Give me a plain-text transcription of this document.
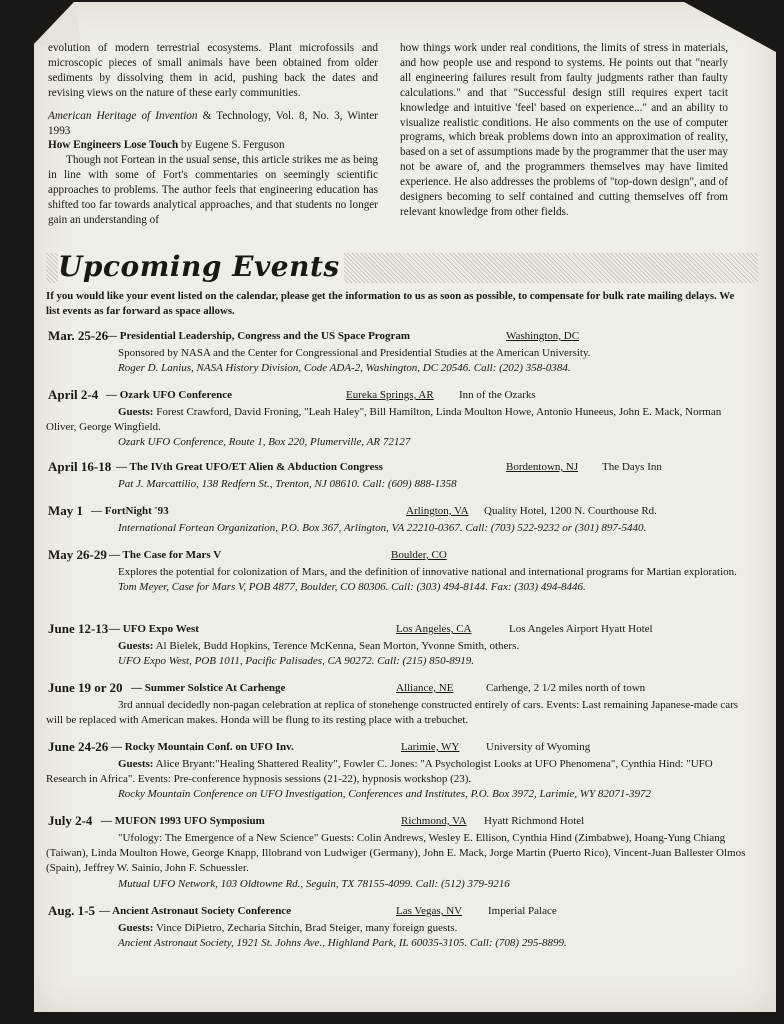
evolution of modern terrestrial ecosystems. Plant microfossils and microscopic pieces of small animals have been obtained from older sediments by dissolving them in acid, pushing back the dates and revising views on the nature of these early communities.

American Heritage of Invention & Technology, Vol. 8, No. 3, Winter 1993

How Engineers Lose Touch by Eugene S. Ferguson

Though not Fortean in the usual sense, this article strikes me as being in line with some of Fort's commentaries on seemingly scientific approaches to problems. The author feels that engineering education has shifted too far towards analytical approaches, and that students no longer gain an understanding of

how things work under real conditions, the limits of stress in materials, and how people use and respond to systems. He points out that "nearly all engineering failures result from faulty judgments rather than faulty calculations." and that "Successful design still requires expert tacit knowledge and intuitive 'feel' based on experience..." and an ability to visualize realistic conditions. He also comments on the use of computer programs, which break problems down into an approximation of reality, based on a set of assumptions made by the programmer that the user may not be aware of, and the programmers themselves may have limited experience. He also addresses the problems of "top-down design", and of designers becoming to self contained and cutting themselves off from relevant knowledge from other fields.

Upcoming Events
If you would like your event listed on the calendar, please get the information to us as soon as possible, to compensate for bulk rate mailing delays. We list events as far forward as space allows.
Mar. 25-26
— Presidential Leadership, Congress and the US Space Program	Washington, DC
Sponsored by NASA and the Center for Congressional and Presidential Studies at the American University.
Roger D. Lanius, NASA History Division, Code ADA-2, Washington, DC 20546. Call: (202) 358-0384.
April 2-4 — Ozark UFO Conference	Eureka Springs, AR Inn of the Ozarks
Guests: Forest Crawford, David Froning, "Leah Haley", Bill Hamilton, Linda Moulton Howe, Antonio Huneeus, John E. Mack, Norman Oliver, George Wingfield.
Ozark UFO Conference, Route 1, Box 220, Plumerville, AR 72127
April 16-18 — The IVth Great UFO/ET Alien & Abduction Congress	Bordentown, NJ The Days Inn
Pat J. Marcattilio, 138 Redfern St., Trenton, NJ 08610. Call: (609) 888-1358
May 1 — FortNight '93	Arlington, VA Quality Hotel, 1200 N. Courthouse Rd.
International Fortean Organization, P.O. Box 367, Arlington, VA 22210-0367. Call: (703) 522-9232 or (301) 897-5440.
May 26-29 — The Case for Mars V	Boulder, CO
Explores the potential for colonization of Mars, and the definition of innovative national and international programs for Martian exploration.
Tom Meyer, Case for Mars V, POB 4877, Boulder, CO 80306. Call: (303) 494-8144. Fax: (303) 494-8446.
June 12-13 — UFO Expo West	Los Angeles, CA	Los Angeles Airport Hyatt Hotel
Guests: Al Bielek, Budd Hopkins, Terence McKenna, Sean Morton, Yvonne Smith, others.
UFO Expo West, POB 1011, Pacific Palisades, CA 90272. Call: (215) 850-8919.
June 19 or 20 — Summer Solstice At Carhenge	Alliance, NE	Carhenge, 2 1/2 miles north of town
3rd annual decidedly non-pagan celebration at replica of stonehenge constructed entirely of cars. Events: Last remaining Japanese-made cars will be replaced with American makes. Honda will be flung to its resting place with a trebuchet.
June 24-26 — Rocky Mountain Conf. on UFO Inv.	Larimie, WY University of Wyoming
Guests: Alice Bryant:"Healing Shattered Reality", Fowler C. Jones: "A Psychologist Looks at UFO Phenomena", Cynthia Hind: "UFO Research in Africa". Events: Pre-conference hypnosis sessions (21-22), hypnosis workshop (23).
Rocky Mountain Conference on UFO Investigation, Conferences and Institutes, P.O. Box 3972, Larimie, WY 82071-3972
July 2-4 — MUFON 1993 UFO Symposium	Richmond, VA Hyatt Richmond Hotel
"Ufology: The Emergence of a New Science" Guests: Colin Andrews, Wesley E. Ellison, Cynthia Hind (Zimbabwe), Hoang-Yung Chiang (Taiwan), Linda Moulton Howe, George Knapp, Illobrand von Ludwiger (Germany), John E. Mack, Jorge Martin (Puerto Rico), Vincent-Juan Ballester Olmos (Spain), Jeffrey W. Sainio, John F. Schuessler.
Mutual UFO Network, 103 Oldtowne Rd., Seguin, TX 78155-4099. Call: (512) 379-9216
Aug. 1-5 — Ancient Astronaut Society Conference	Las Vegas, NV Imperial Palace
Guests: Vince DiPietro, Zecharia Sitchin, Brad Steiger, many foreign guests.
Ancient Astronaut Society, 1921 St. Johns Ave., Highland Park, IL 60035-3105. Call: (708) 295-8899.
